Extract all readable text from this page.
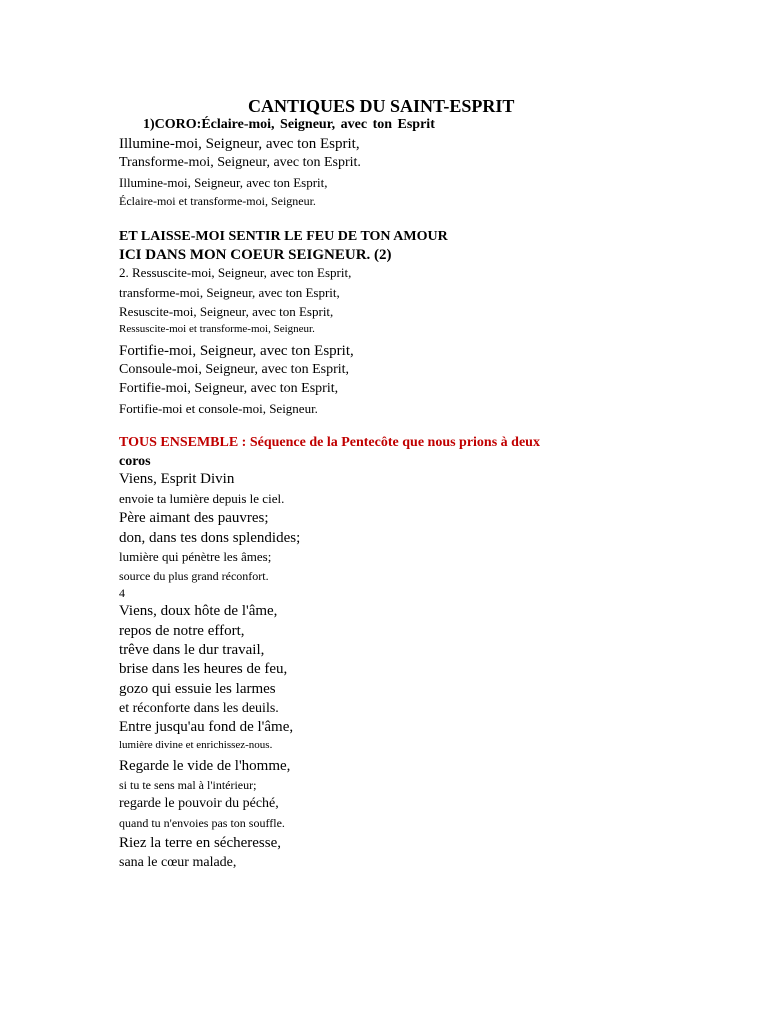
CANTIQUES DU SAINT-ESPRIT
1)CORO:Éclaire-moi, Seigneur, avec ton Esprit
Illumine-moi, Seigneur, avec ton Esprit,
Transforme-moi, Seigneur, avec ton Esprit.
Illumine-moi, Seigneur, avec ton Esprit,
Éclaire-moi et transforme-moi, Seigneur.
ET LAISSE-MOI SENTIR LE FEU DE TON AMOUR
ICI DANS MON COEUR SEIGNEUR. (2)
2. Ressuscite-moi, Seigneur, avec ton Esprit,
transforme-moi, Seigneur, avec ton Esprit,
Resuscite-moi, Seigneur, avec ton Esprit,
Ressuscite-moi et transforme-moi, Seigneur.
Fortifie-moi, Seigneur, avec ton Esprit,
Consoule-moi, Seigneur, avec ton Esprit,
Fortifie-moi, Seigneur, avec ton Esprit,
Fortifie-moi et console-moi, Seigneur.
TOUS ENSEMBLE : Séquence de la Pentecôte que nous prions à deux
coros
Viens, Esprit Divin
envoie ta lumière depuis le ciel.
Père aimant des pauvres;
don, dans tes dons splendides;
lumière qui pénètre les âmes;
source du plus grand réconfort.
4
Viens, doux hôte de l'âme,
repos de notre effort,
trêve dans le dur travail,
brise dans les heures de feu,
gozo qui essuie les larmes
et réconforte dans les deuils.
Entre jusqu'au fond de l'âme,
lumière divine et enrichissez-nous.
Regarde le vide de l'homme,
si tu te sens mal à l'intérieur;
regarde le pouvoir du péché,
quand tu n'envoies pas ton souffle.
Riez la terre en sécheresse,
sana le cœur malade,
